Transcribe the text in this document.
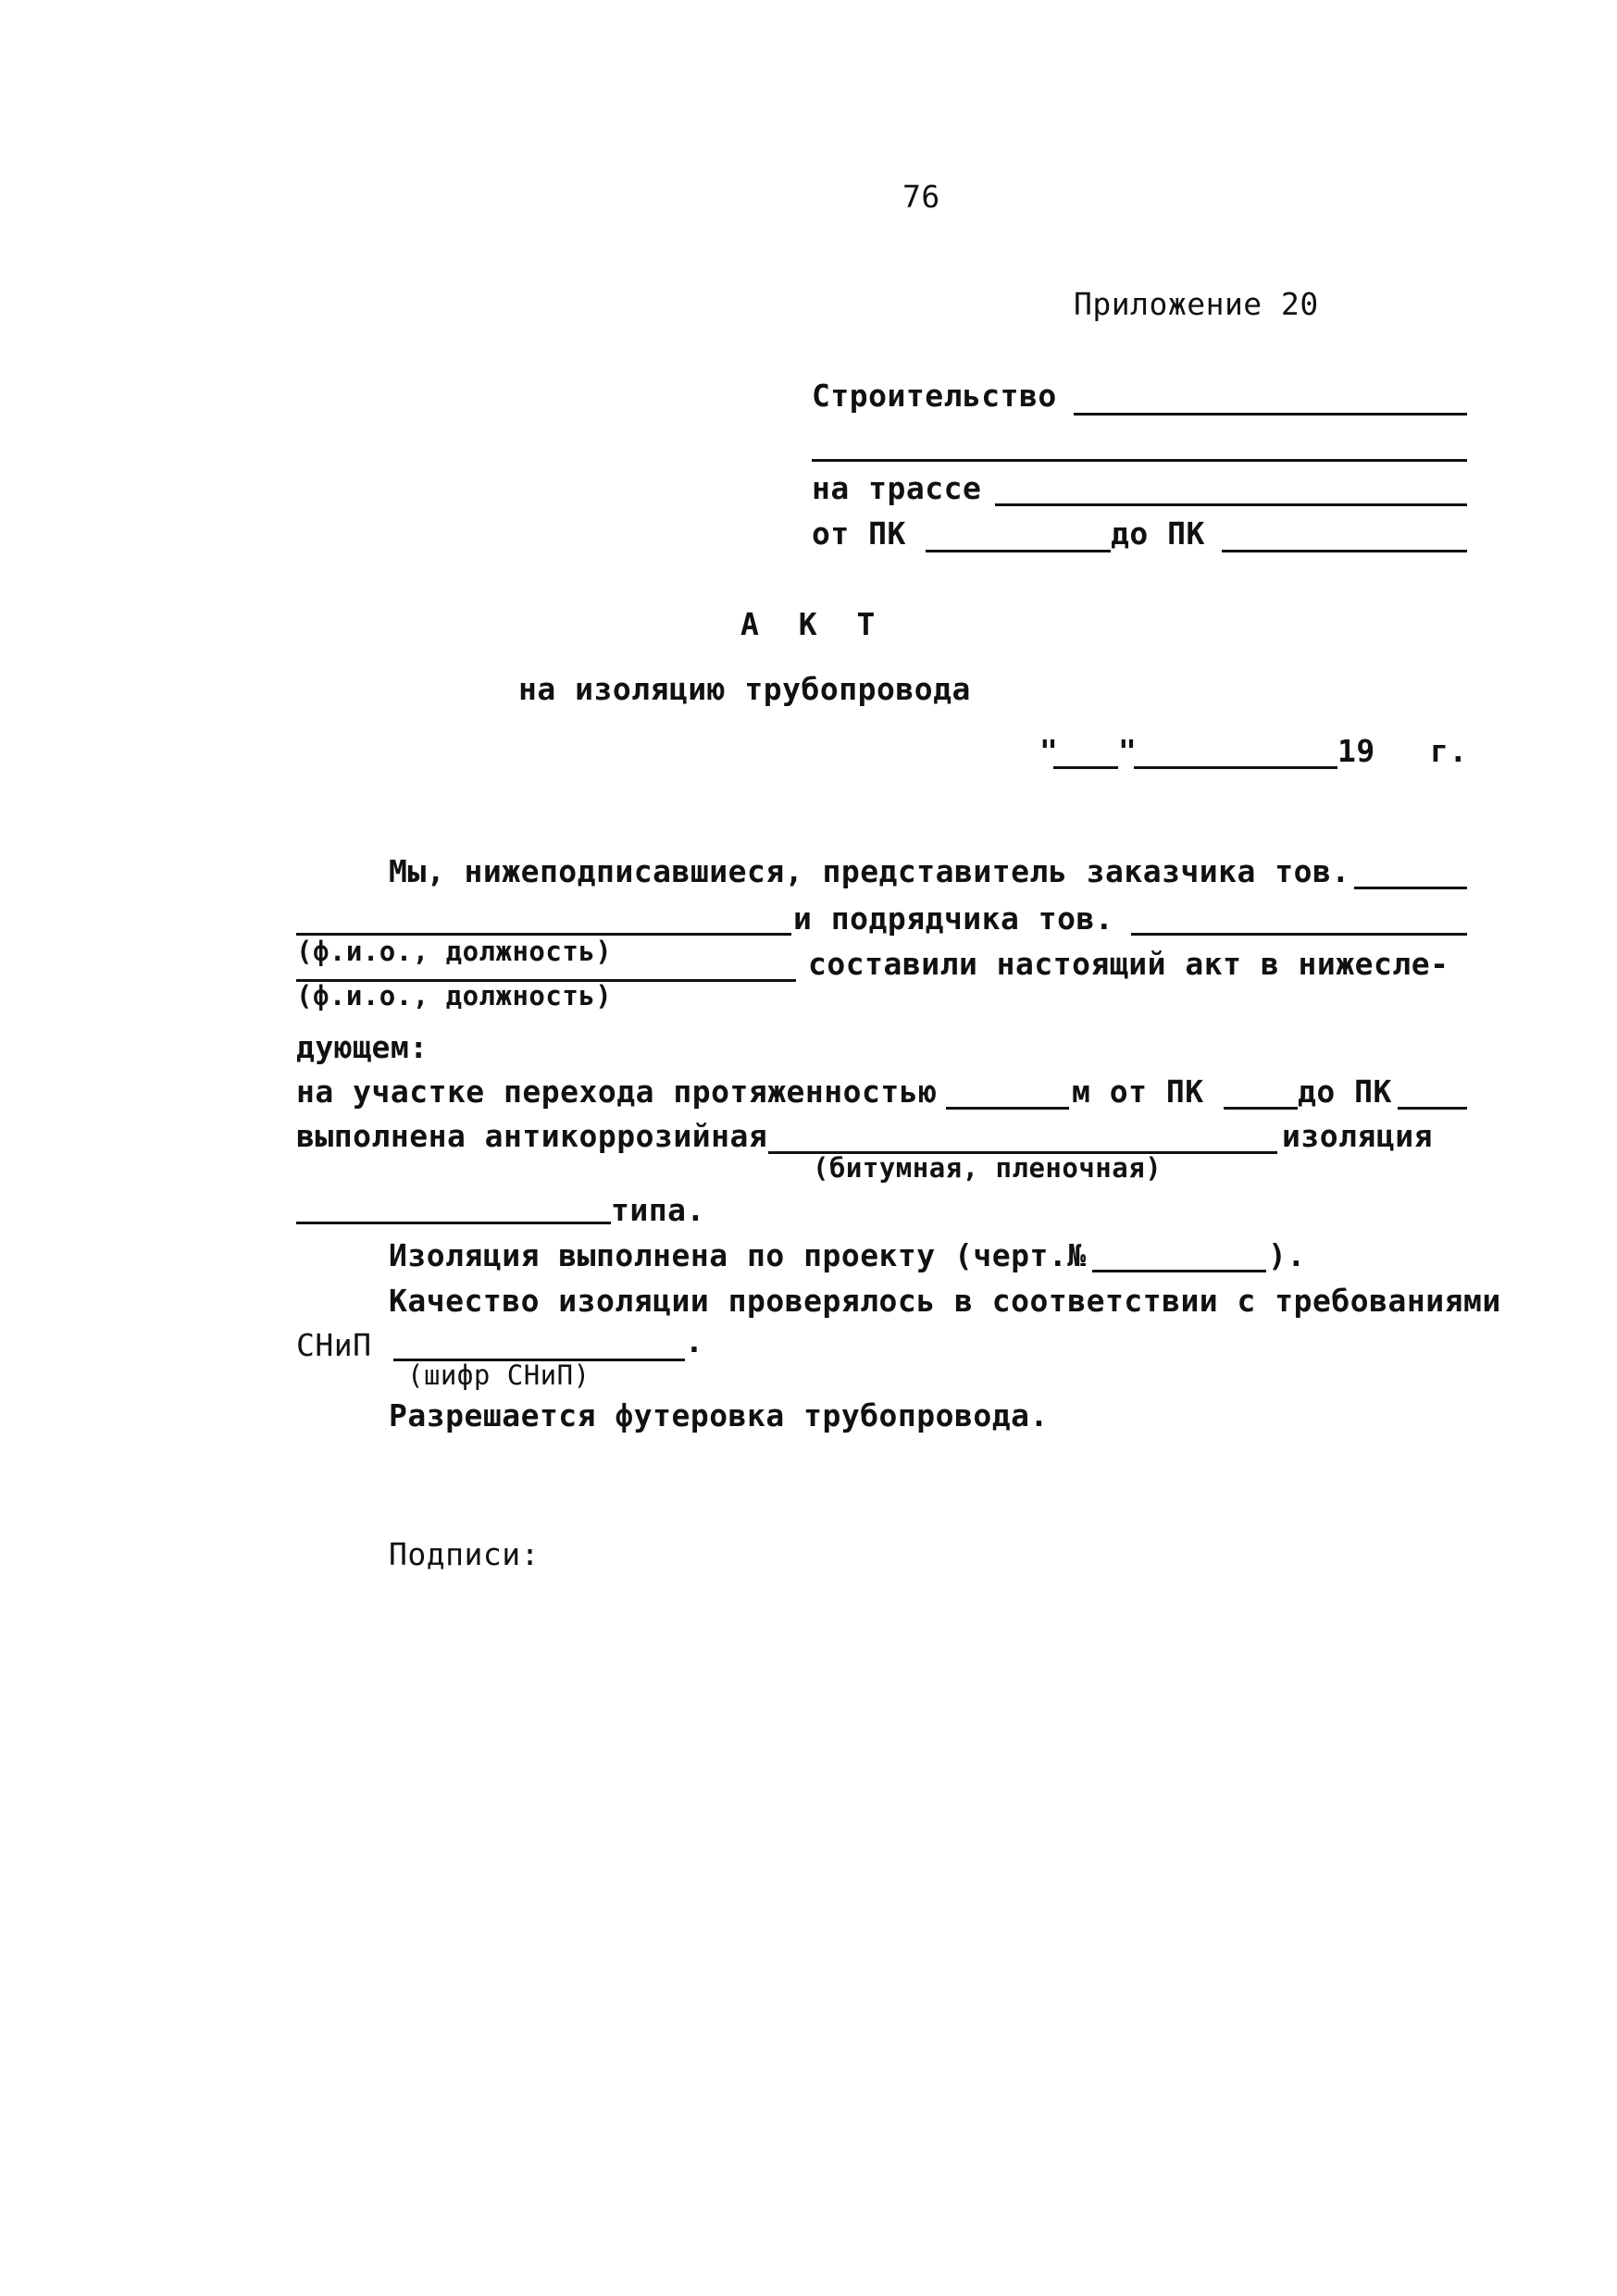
76
Приложение 20
Строительство
на трассе
от ПК	до ПК
А К Т
на изоляцию трубопровода
" "	19 г.
Мы, нижеподписавшиеся, представитель заказчика тов.
и подрядчика тов.
(ф.и.о., должность)	составили настоящий акт в нижесле-
(ф.и.о., должность)
дующем:
на участке перехода протяженностью	м от ПК	до ПК
выполнена антикоррозийная	изоляция
(битумная, пленочная)
типа.
Изоляция выполнена по проекту (черт.№	).
Качество изоляции проверялось в соответствии с требованиями
СНиП	.
(шифр СНиП)
Разрешается футеровка трубопровода.
Подписи:
